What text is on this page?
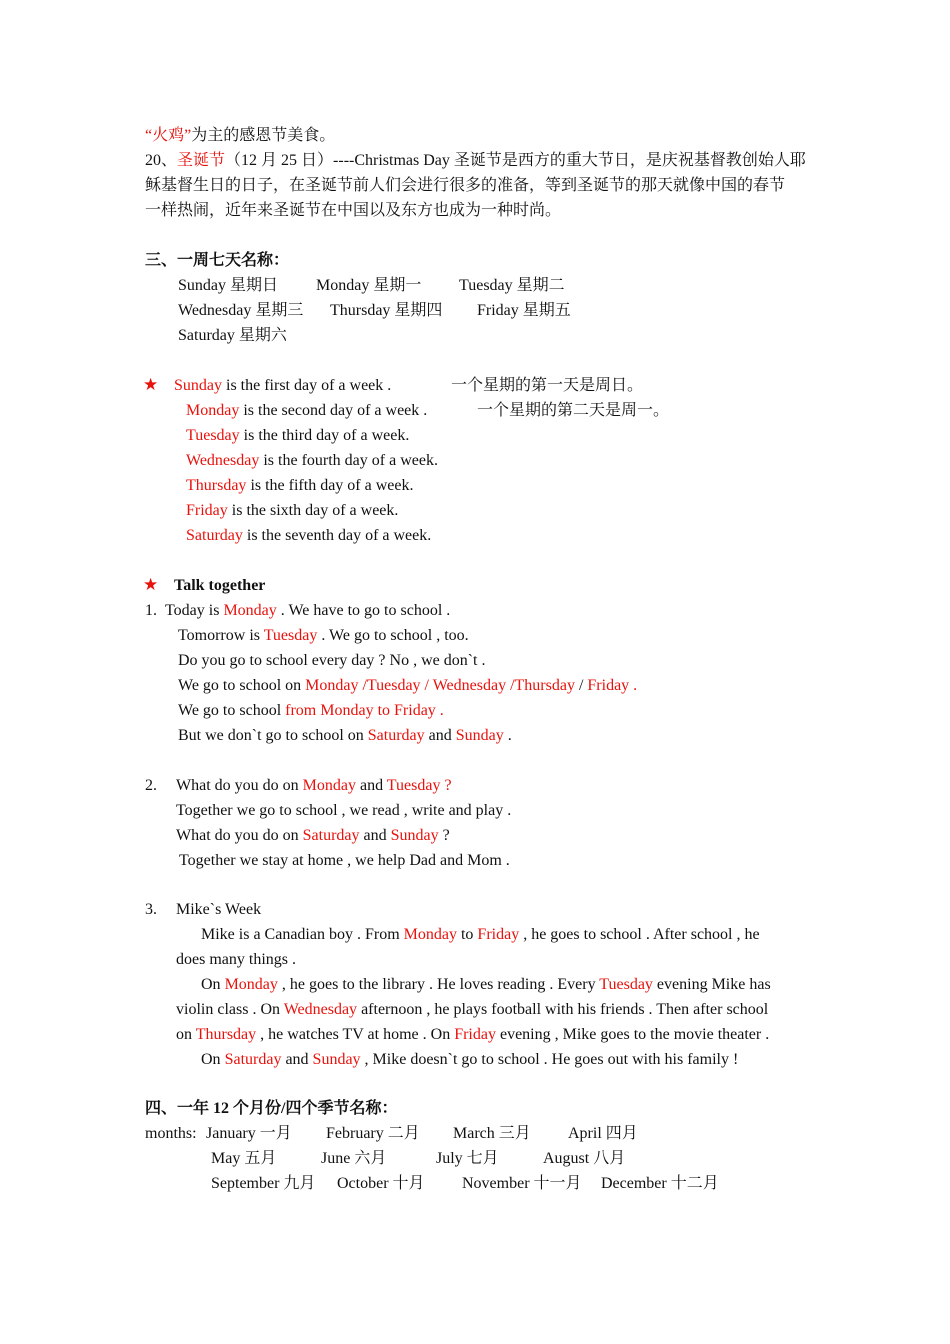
“火鸡”为主的感恩节美食。
20、圣诞节（12 月 25 日）----Christmas Day 圣诞节是西方的重大节日，是庆祝基督教创始人耶
稣基督生日的日子，在圣诞节前人们会进行很多的准备，等到圣诞节的那天就像中国的春节
一样热闹，近年来圣诞节在中国以及东方也成为一种时尚。
三、一周七天名称：
Sunday 星期日 Monday 星期一 Tuesday 星期二
Wednesday 星期三 Thursday 星期四 Friday 星期五
Saturday 星期六
★ Sunday is the first day of a week .	一个星期的第一天是周日。
Monday is the second day of a week .	一个星期的第二天是周一。
Tuesday is the third day of a week.
Wednesday is the fourth day of a week.
Thursday is the fifth day of a week.
Friday is the sixth day of a week.
Saturday is the seventh day of a week.
★ Talk together
1. Today is Monday . We have to go to school .
Tomorrow is Tuesday . We go to school , too.
Do you go to school every day ? No , we don`t .
We go to school on Monday /Tuesday / Wednesday /Thursday / Friday .
We go to school from Monday to Friday .
But we don`t go to school on Saturday and Sunday .
2. What do you do on Monday and Tuesday ?
Together we go to school , we read , write and play .
What do you do on Saturday and Sunday ?
Together we stay at home , we help Dad and Mom .
3. Mike`s Week
Mike is a Canadian boy . From Monday to Friday , he goes to school . After school , he
does many things .
On Monday , he goes to the library . He loves reading . Every Tuesday evening Mike has
violin class . On Wednesday afternoon , he plays football with his friends . Then after school
on Thursday , he watches TV at home . On Friday evening , Mike goes to the movie theater .
On Saturday and Sunday , Mike doesn`t go to school . He goes out with his family !
四、一年 12 个月份/四个季节名称：
months: January 一月 February 二月 March 三月 April 四月
May 五月	June 六月	July 七月	August 八月
September 九月 October 十月 November 十一月 December 十二月
